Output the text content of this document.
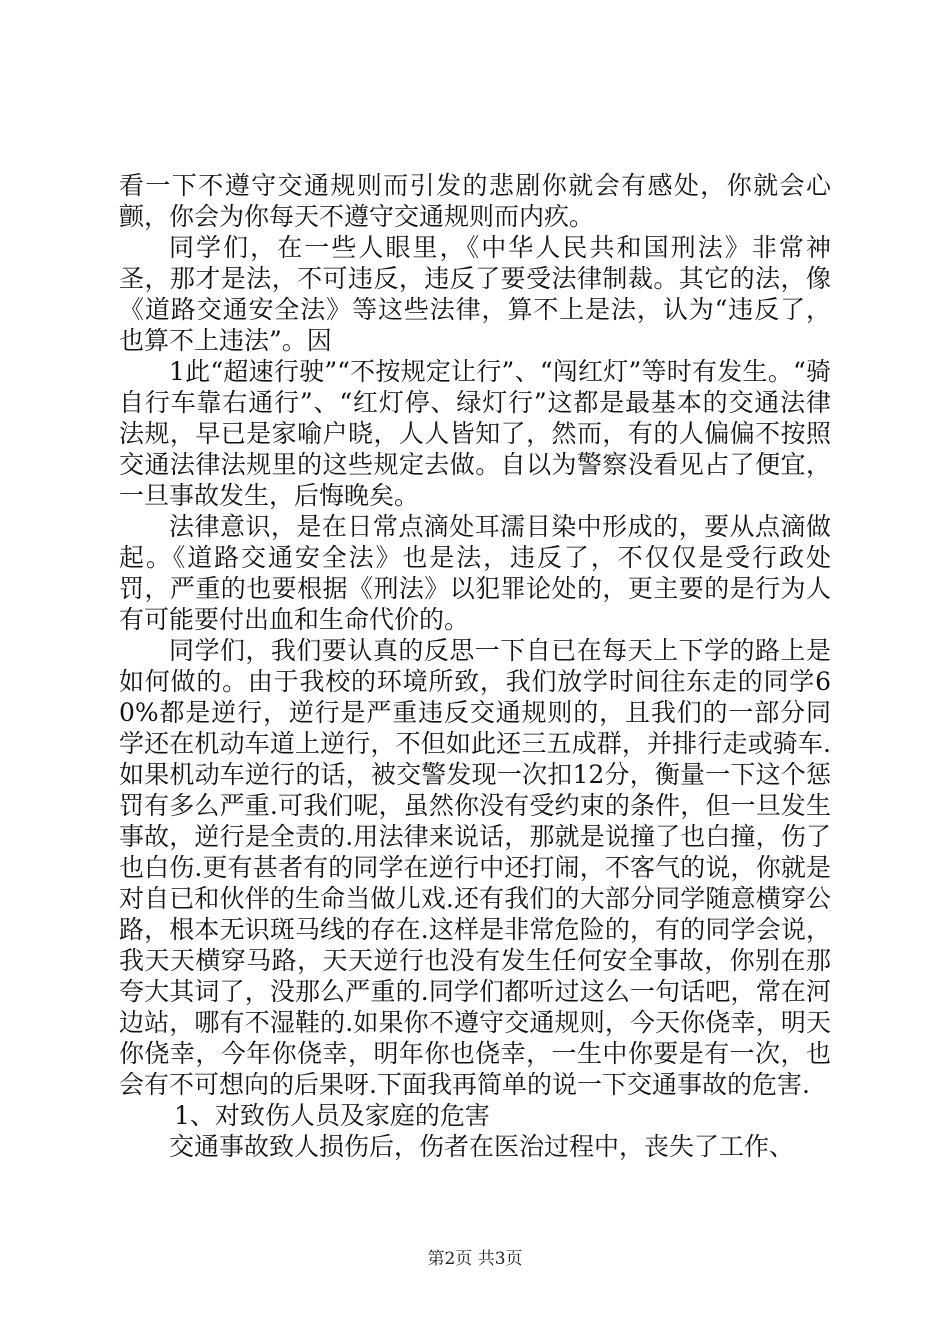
看一下不遵守交通规则而引发的悲剧你就会有感处，你就会心颤，你会为你每天不遵守交通规则而内疚。

同学们，在一些人眼里，《中华人民共和国刑法》非常神圣，那才是法，不可违反，违反了要受法律制裁。其它的法，像《道路交通安全法》等这些法律，算不上是法，认为“违反了，也算不上违法”。因

1此“超速行驶”“不按规定让行”、“闯红灯”等时有发生。“骑自行车靠右通行”、“红灯停、绿灯行”这都是最基本的交通法律法规，早已是家喻户晓，人人皆知了，然而，有的人偏偏不按照交通法律法规里的这些规定去做。自以为警察没看见占了便宜，一旦事故发生，后悔晚矣。

法律意识，是在日常点滴处耳濡目染中形成的，要从点滴做起。《道路交通安全法》也是法，违反了，不仅仅是受行政处罚，严重的也要根据《刑法》以犯罪论处的，更主要的是行为人有可能要付出血和生命代价的。

同学们，我们要认真的反思一下自已在每天上下学的路上是如何做的。由于我校的环境所致，我们放学时间往东走的同学60%都是逆行，逆行是严重违反交通规则的，且我们的一部分同学还在机动车道上逆行，不但如此还三五成群，并排行走或骑车.如果机动车逆行的话，被交警发现一次扣12分，衡量一下这个惩罚有多么严重.可我们呢，虽然你没有受约束的条件，但一旦发生事故，逆行是全责的.用法律来说话，那就是说撞了也白撞，伤了也白伤.更有甚者有的同学在逆行中还打闹，不客气的说，你就是对自已和伙伴的生命当做儿戏.还有我们的大部分同学随意横穿公路，根本无识斑马线的存在.这样是非常危险的，有的同学会说，我天天横穿马路，天天逆行也没有发生任何安全事故，你别在那夸大其词了，没那么严重的.同学们都听过这么一句话吧，常在河边站，哪有不湿鞋的.如果你不遵守交通规则，今天你侥幸，明天你侥幸，今年你侥幸，明年你也侥幸，一生中你要是有一次，也会有不可想向的后果呀.下面我再简单的说一下交通事故的危害.

1、对致伤人员及家庭的危害

交通事故致人损伤后，伤者在医治过程中，丧失了工作、

第2页 共3页
